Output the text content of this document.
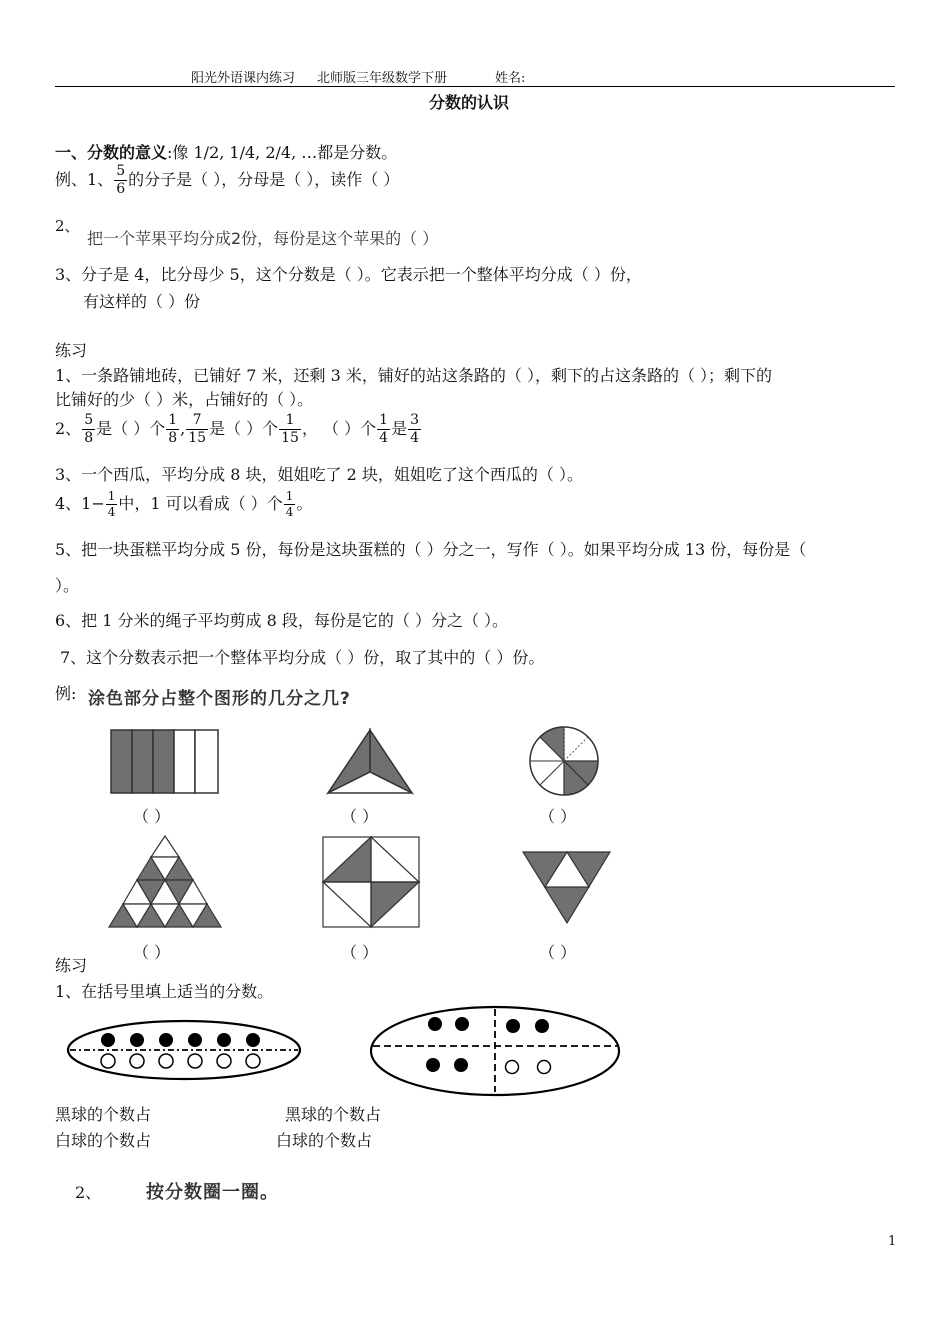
阳光外语课内练习 北师版三年级数学下册	姓名:
分数的认识
一、分数的意义:像 1/2, 1/4, 2/4, …都是分数。
例、1、 $\frac{5}{6}$ 的分子是（ ），分母是（ ），读作（ ）
2、
把一个苹果平均分成2份，每份是这个苹果的（ ）
3、分子是 4，比分母少 5，这个分数是（ ）。它表示把一个整体平均分成（ ）份，
有这样的（ ）份
练习
1、一条路铺地砖，已铺好 7 米，还剩 3 米，铺好的站这条路的（ ），剩下的占这条路的（ ）；剩下的
比铺好的少（ ）米，占铺好的（ ）。
2、 $\frac{5}{8}$ 是（ ）个 $\frac{1}{8}$ , $\frac{7}{15}$ 是（ ）个 $\frac{1}{15}$ ， （ ）个 $\frac{1}{4}$ 是 $\frac{3}{4}$
3、一个西瓜，平均分成 8 块，姐姐吃了 2 块，姐姐吃了这个西瓜的（ ）。
4、$1- \frac{1}{4}$ 中，1 可以看成（ ）个 $\frac{1}{4}$ 。
5、把一块蛋糕平均分成 5 份，每份是这块蛋糕的（ ）分之一，写作（ ）。如果平均分成 13 份，每份是（
）。
6、把 1 分米的绳子平均剪成 8 段，每份是它的（ ）分之（ ）。
7、这个分数表示把一个整体平均分成（ ）份，取了其中的（ ）份。
例: 涂色部分占整个图形的几分之几?
（ ）	（ ）	（ ）
（ ）	（ ）	（ ）
练习
1、在括号里填上适当的分数。
黑球的个数占
白球的个数占
黑球的个数占
白球的个数占
2、 按分数圈一圈。
1
